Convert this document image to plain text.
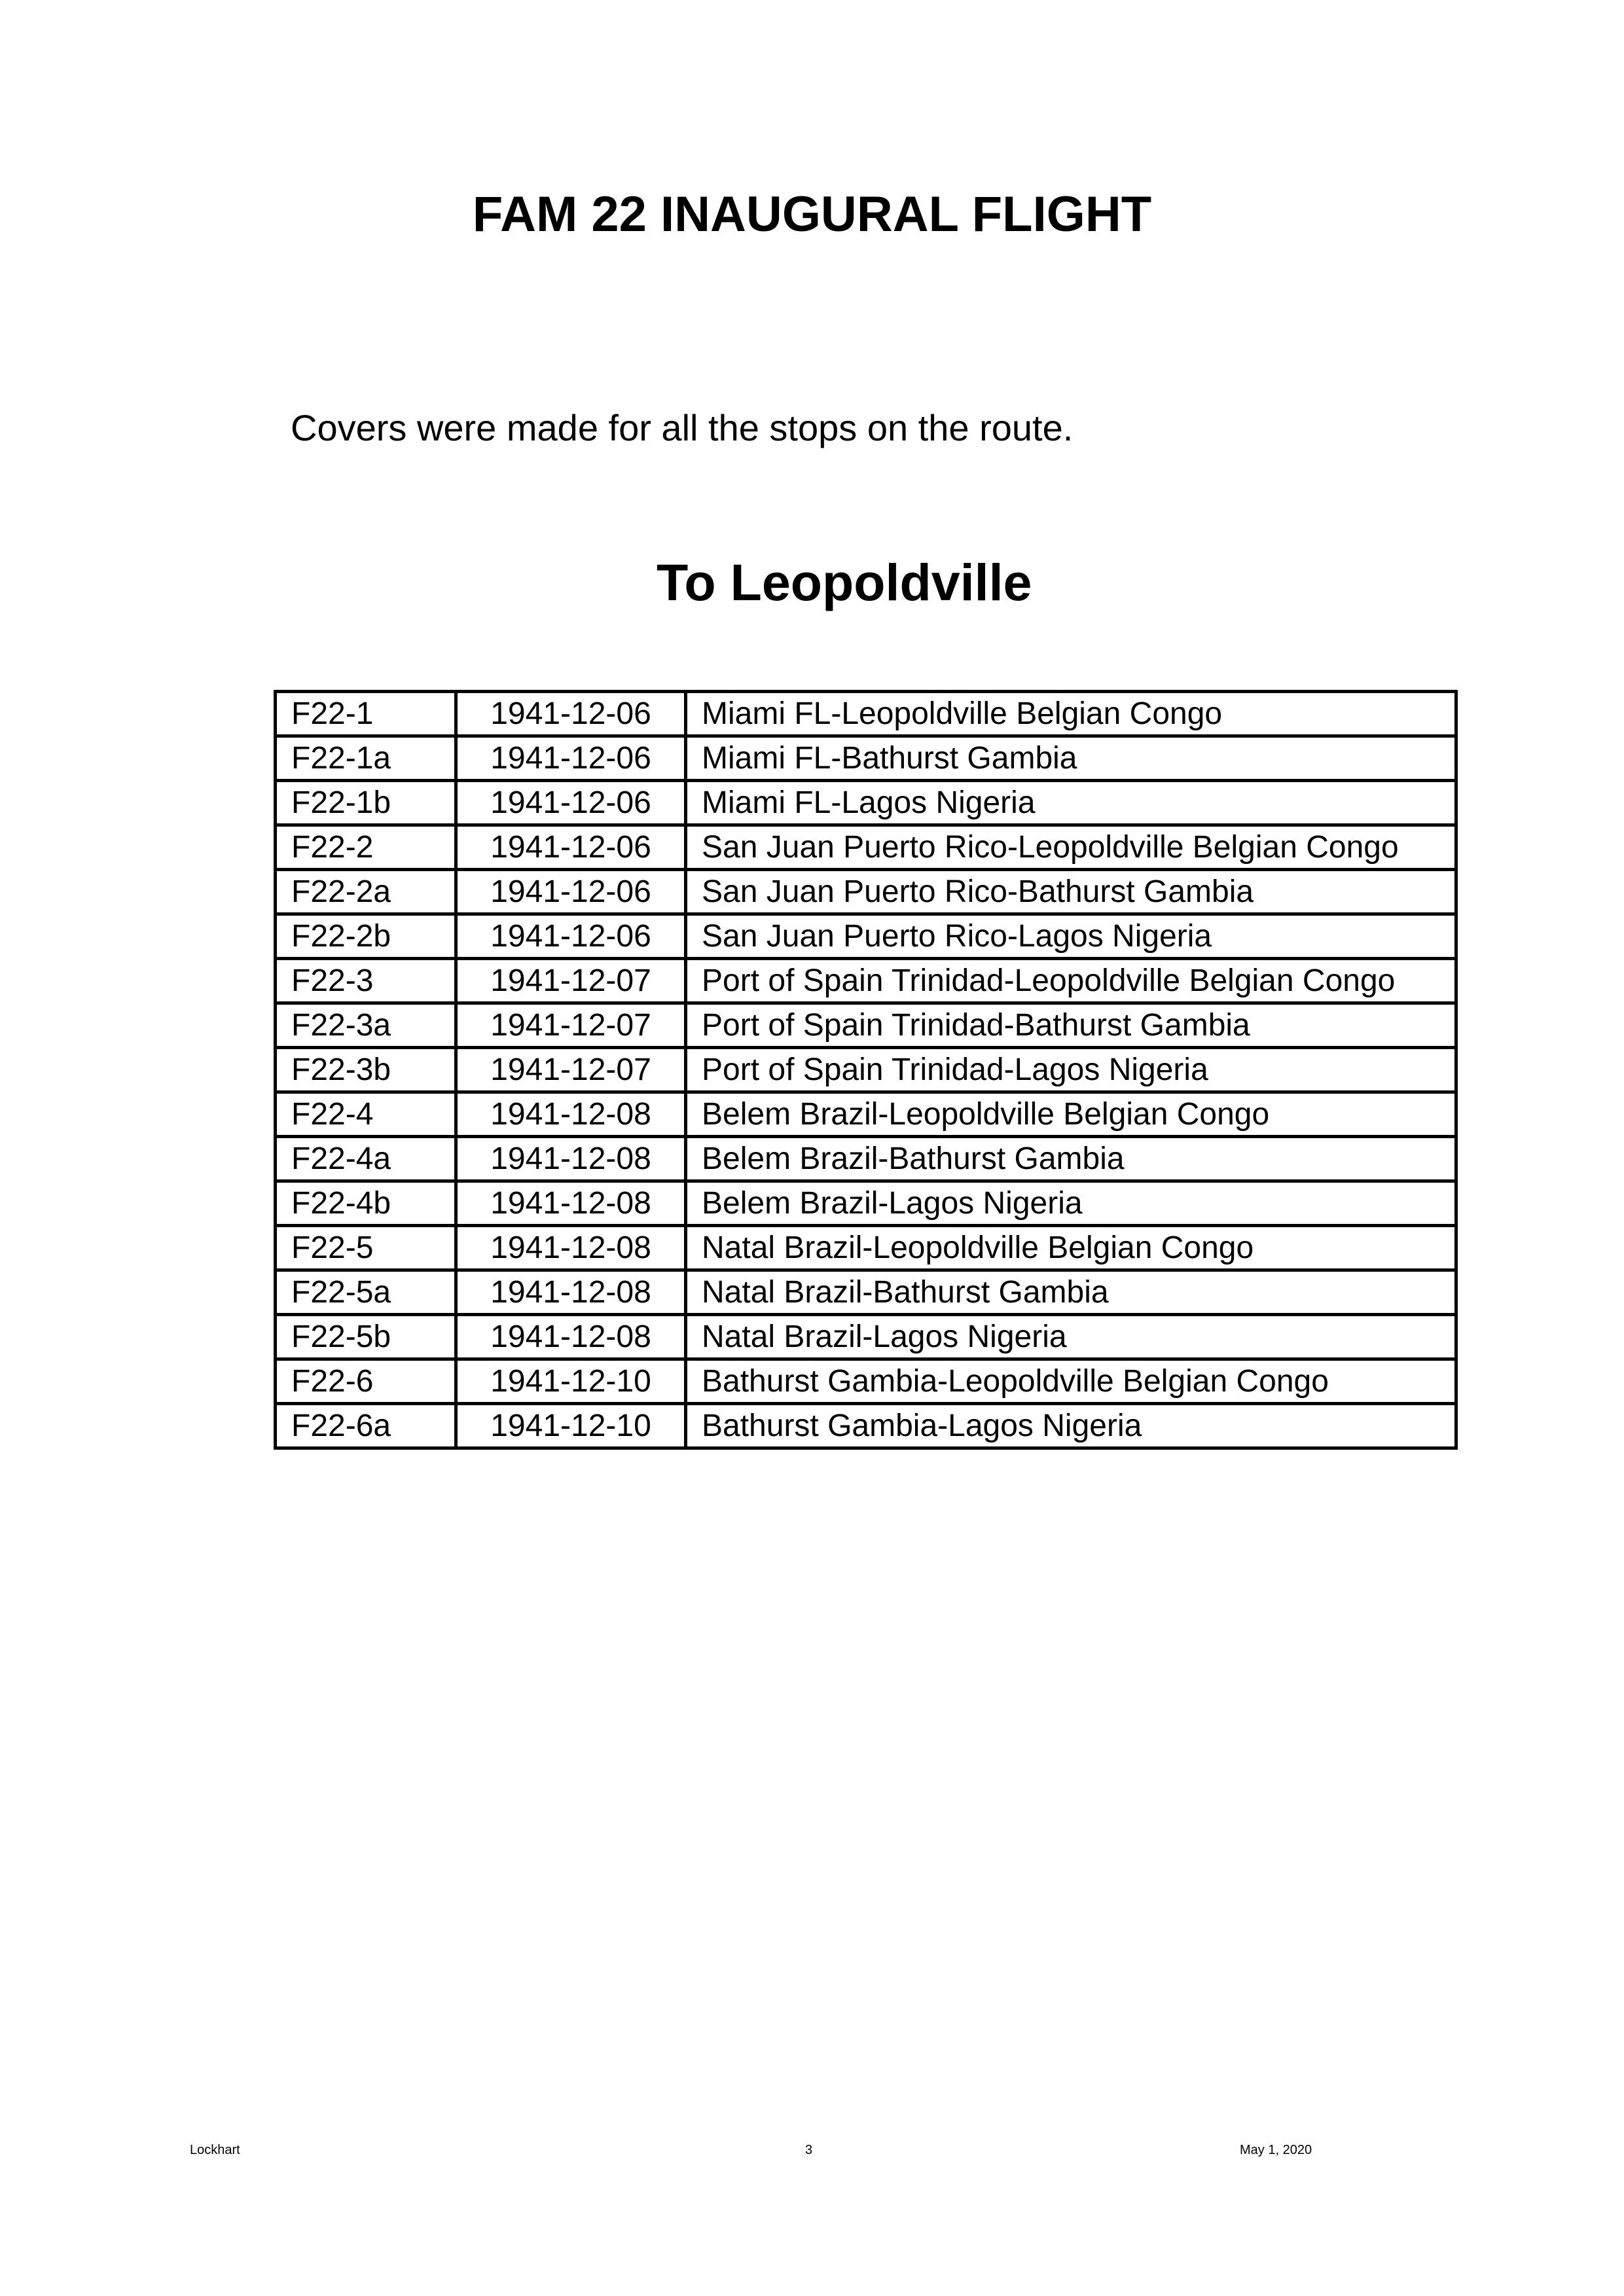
FAM 22 INAUGURAL FLIGHT

Covers were made for all the stops on the route.

To Leopoldville
F22-1	1941-12-06	Miami FL-Leopoldville Belgian Congo
F22-1a	1941-12-06	Miami FL-Bathurst Gambia
F22-1b	1941-12-06	Miami FL-Lagos Nigeria
F22-2	1941-12-06	San Juan Puerto Rico-Leopoldville Belgian Congo
F22-2a	1941-12-06	San Juan Puerto Rico-Bathurst Gambia
F22-2b	1941-12-06	San Juan Puerto Rico-Lagos Nigeria
F22-3	1941-12-07	Port of Spain Trinidad-Leopoldville Belgian Congo
F22-3a	1941-12-07	Port of Spain Trinidad-Bathurst Gambia
F22-3b	1941-12-07	Port of Spain Trinidad-Lagos Nigeria
F22-4	1941-12-08	Belem Brazil-Leopoldville Belgian Congo
F22-4a	1941-12-08	Belem Brazil-Bathurst Gambia
F22-4b	1941-12-08	Belem Brazil-Lagos Nigeria
F22-5	1941-12-08	Natal Brazil-Leopoldville Belgian Congo
F22-5a	1941-12-08	Natal Brazil-Bathurst Gambia
F22-5b	1941-12-08	Natal Brazil-Lagos Nigeria
F22-6	1941-12-10	Bathurst Gambia-Leopoldville Belgian Congo
F22-6a	1941-12-10	Bathurst Gambia-Lagos Nigeria
Lockhart	3	May 1, 2020
